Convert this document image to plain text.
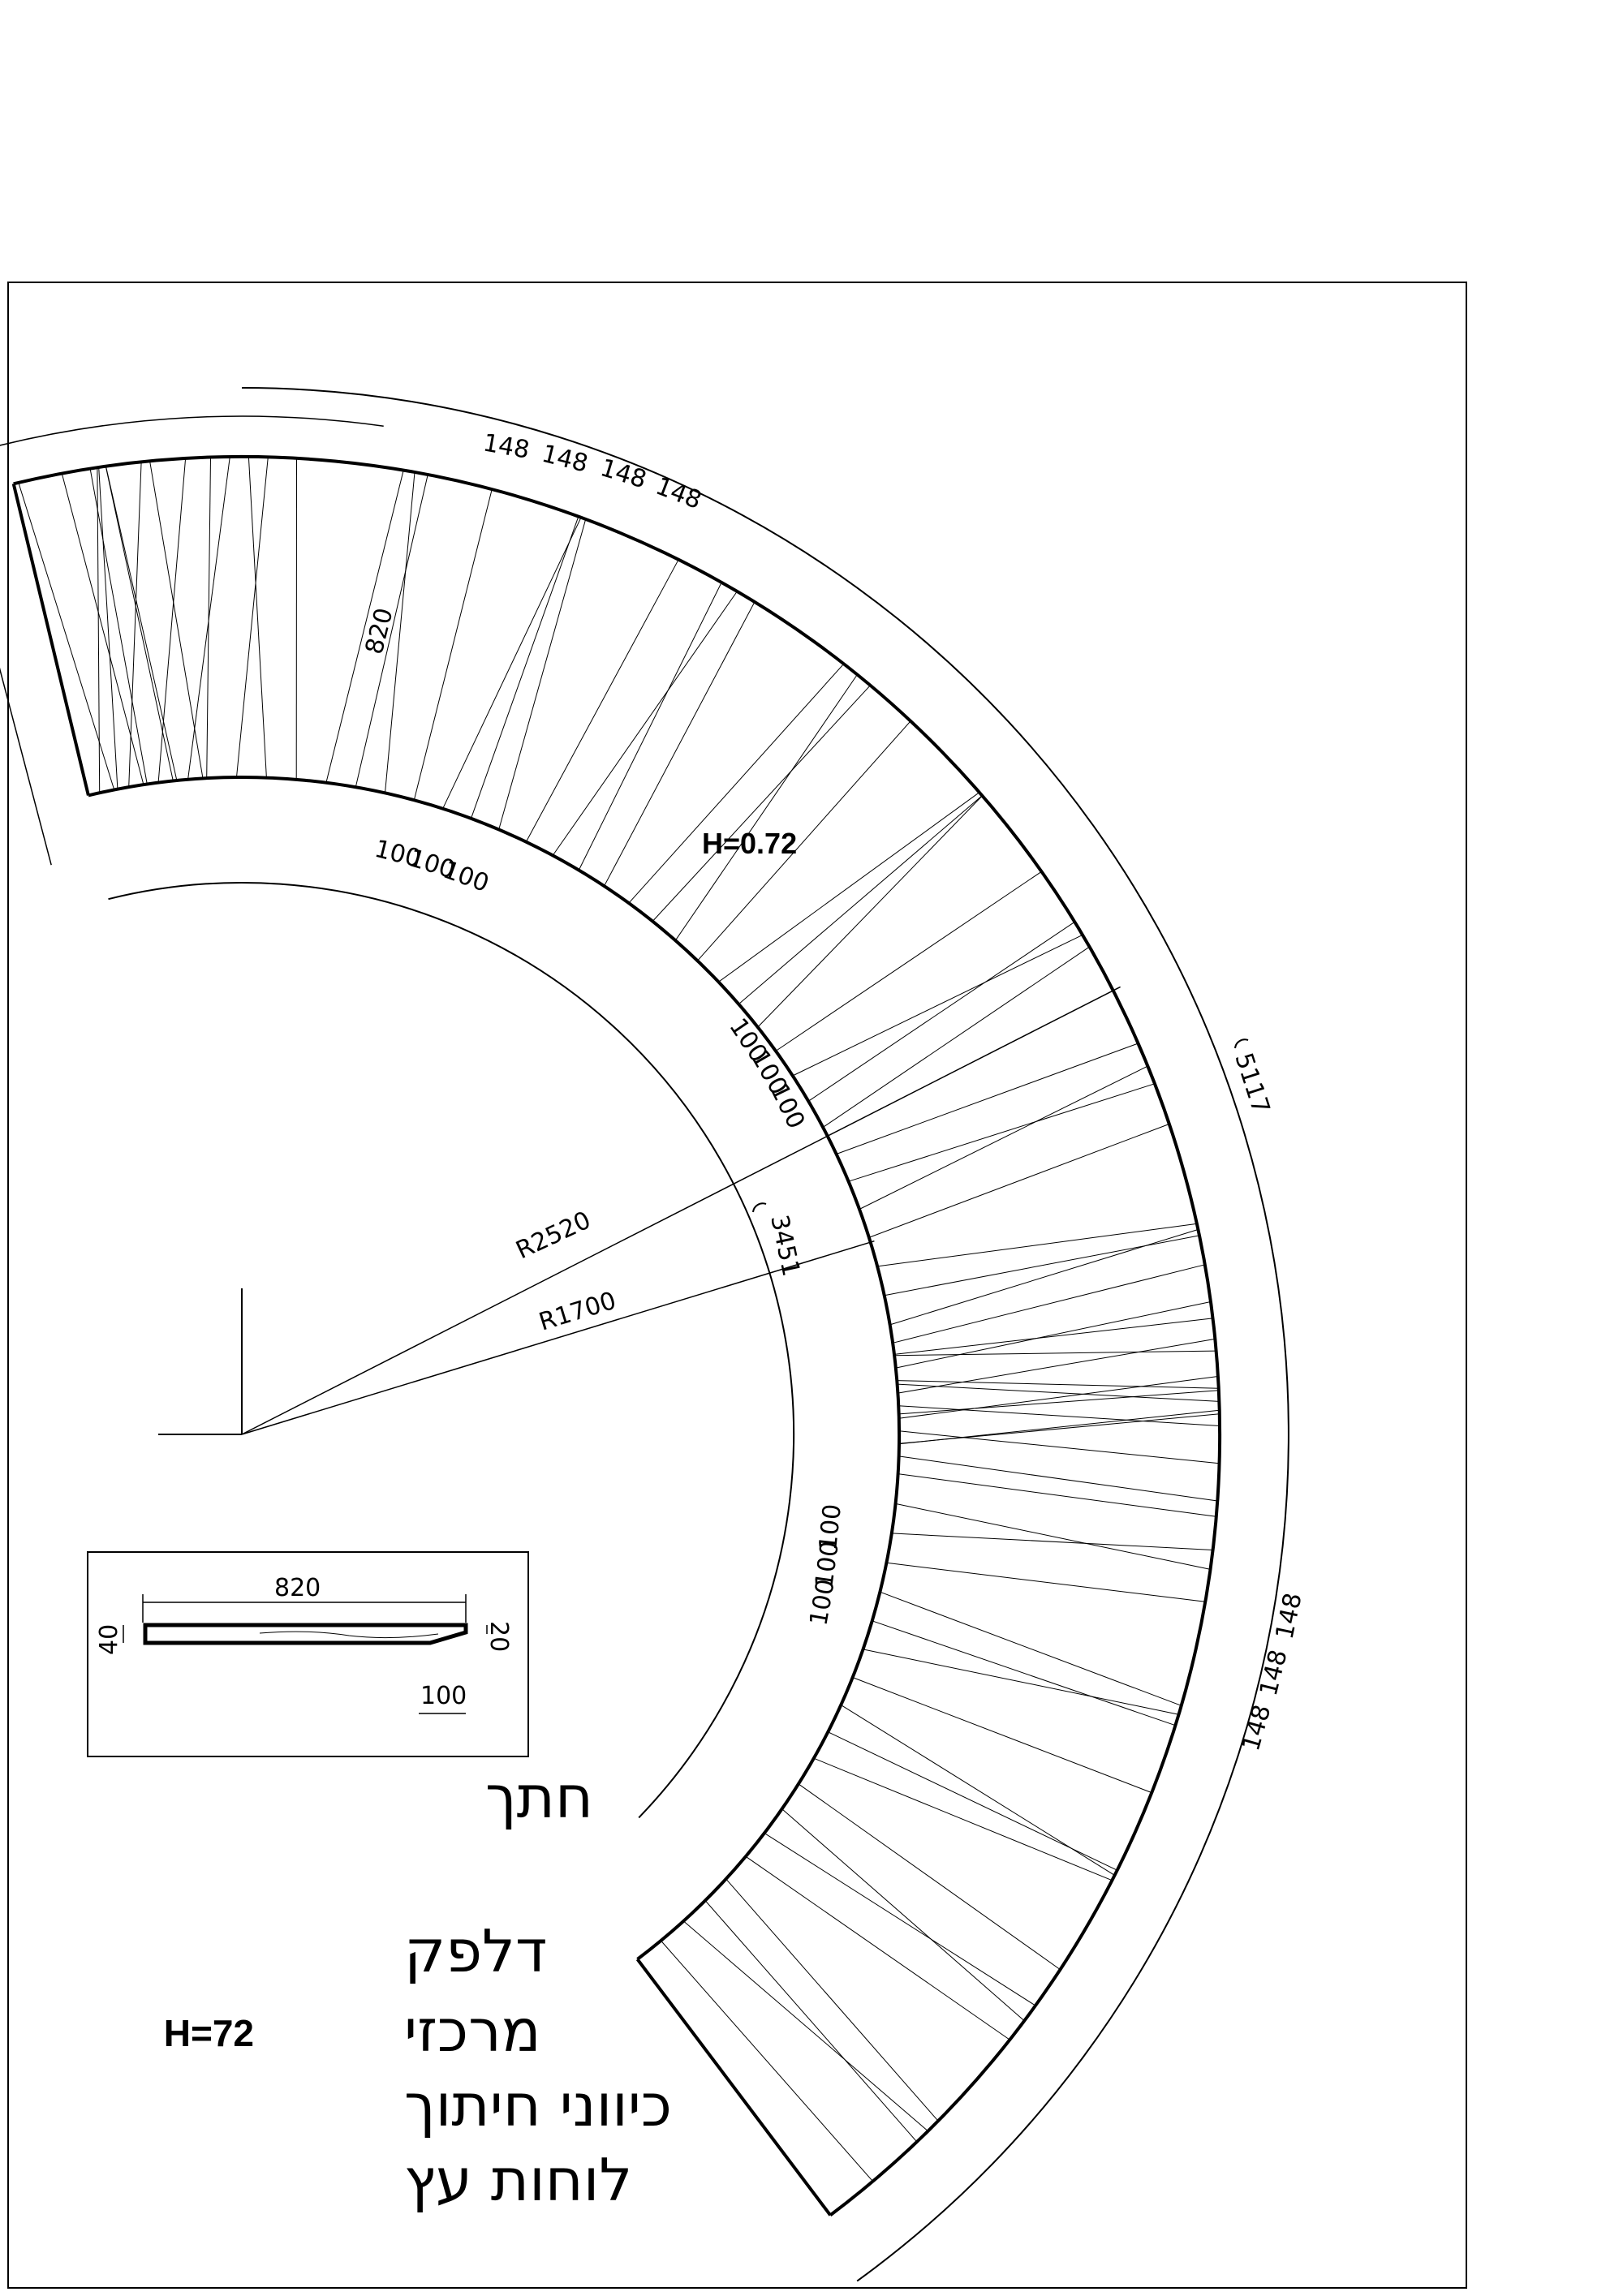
H=0.72
R2520
R1700
5117
3451
820
148 148 148 148
100
100
100
100
100
100
100
100
100
148
148
148
820
40	20
100
חתך
דלפק
מרכזי
H=72
כיווני חיתוך
לוחות עץ
